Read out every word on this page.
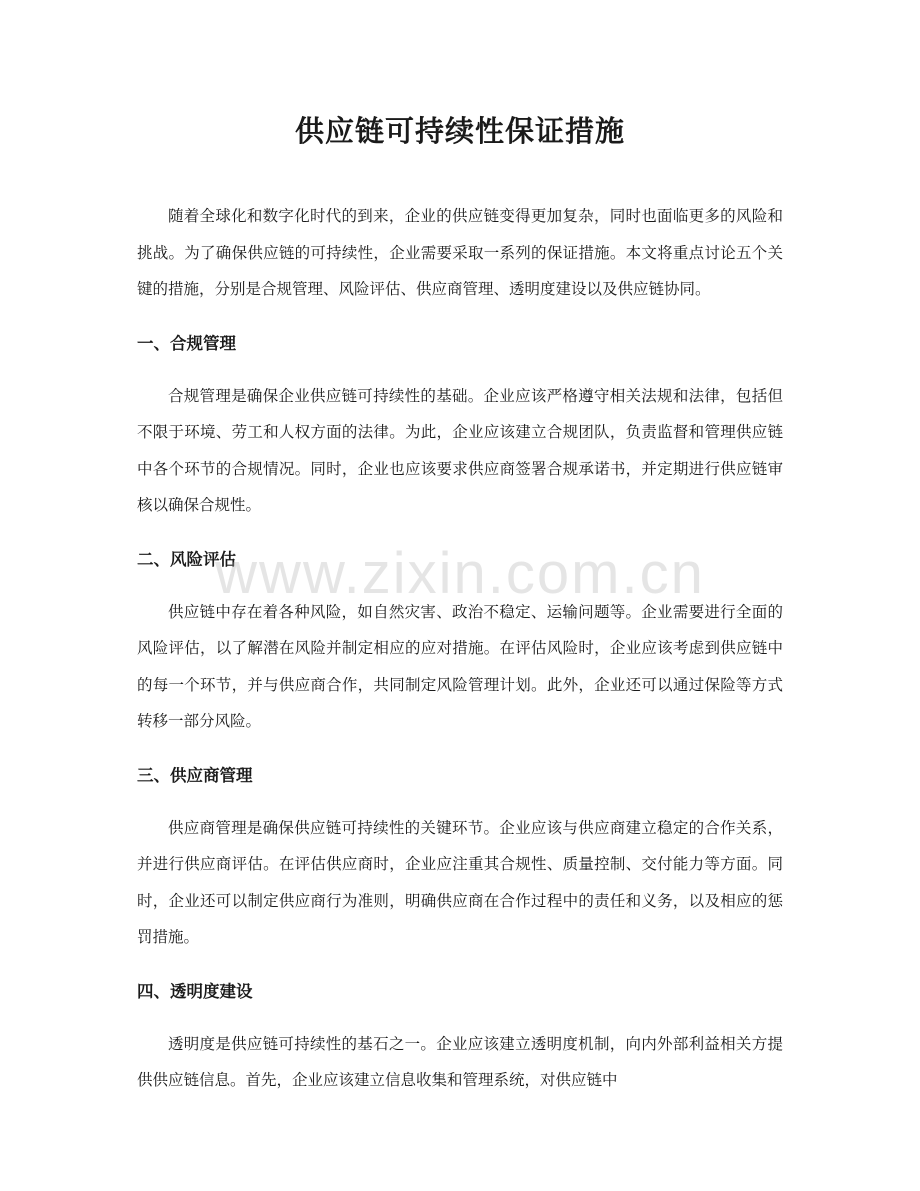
供应链可持续性保证措施

随着全球化和数字化时代的到来，企业的供应链变得更加复杂，同时也面临更多的风险和挑战。为了确保供应链的可持续性，企业需要采取一系列的保证措施。本文将重点讨论五个关键的措施，分别是合规管理、风险评估、供应商管理、透明度建设以及供应链协同。

一、合规管理

合规管理是确保企业供应链可持续性的基础。企业应该严格遵守相关法规和法律，包括但不限于环境、劳工和人权方面的法律。为此，企业应该建立合规团队，负责监督和管理供应链中各个环节的合规情况。同时，企业也应该要求供应商签署合规承诺书，并定期进行供应链审核以确保合规性。

二、风险评估

供应链中存在着各种风险，如自然灾害、政治不稳定、运输问题等。企业需要进行全面的风险评估，以了解潜在风险并制定相应的应对措施。在评估风险时，企业应该考虑到供应链中的每一个环节，并与供应商合作，共同制定风险管理计划。此外，企业还可以通过保险等方式转移一部分风险。

三、供应商管理

供应商管理是确保供应链可持续性的关键环节。企业应该与供应商建立稳定的合作关系，并进行供应商评估。在评估供应商时，企业应注重其合规性、质量控制、交付能力等方面。同时，企业还可以制定供应商行为准则，明确供应商在合作过程中的责任和义务，以及相应的惩罚措施。

四、透明度建设

透明度是供应链可持续性的基石之一。企业应该建立透明度机制，向内外部利益相关方提供供应链信息。首先，企业应该建立信息收集和管理系统，对供应链中

www.zixin.com.cn
